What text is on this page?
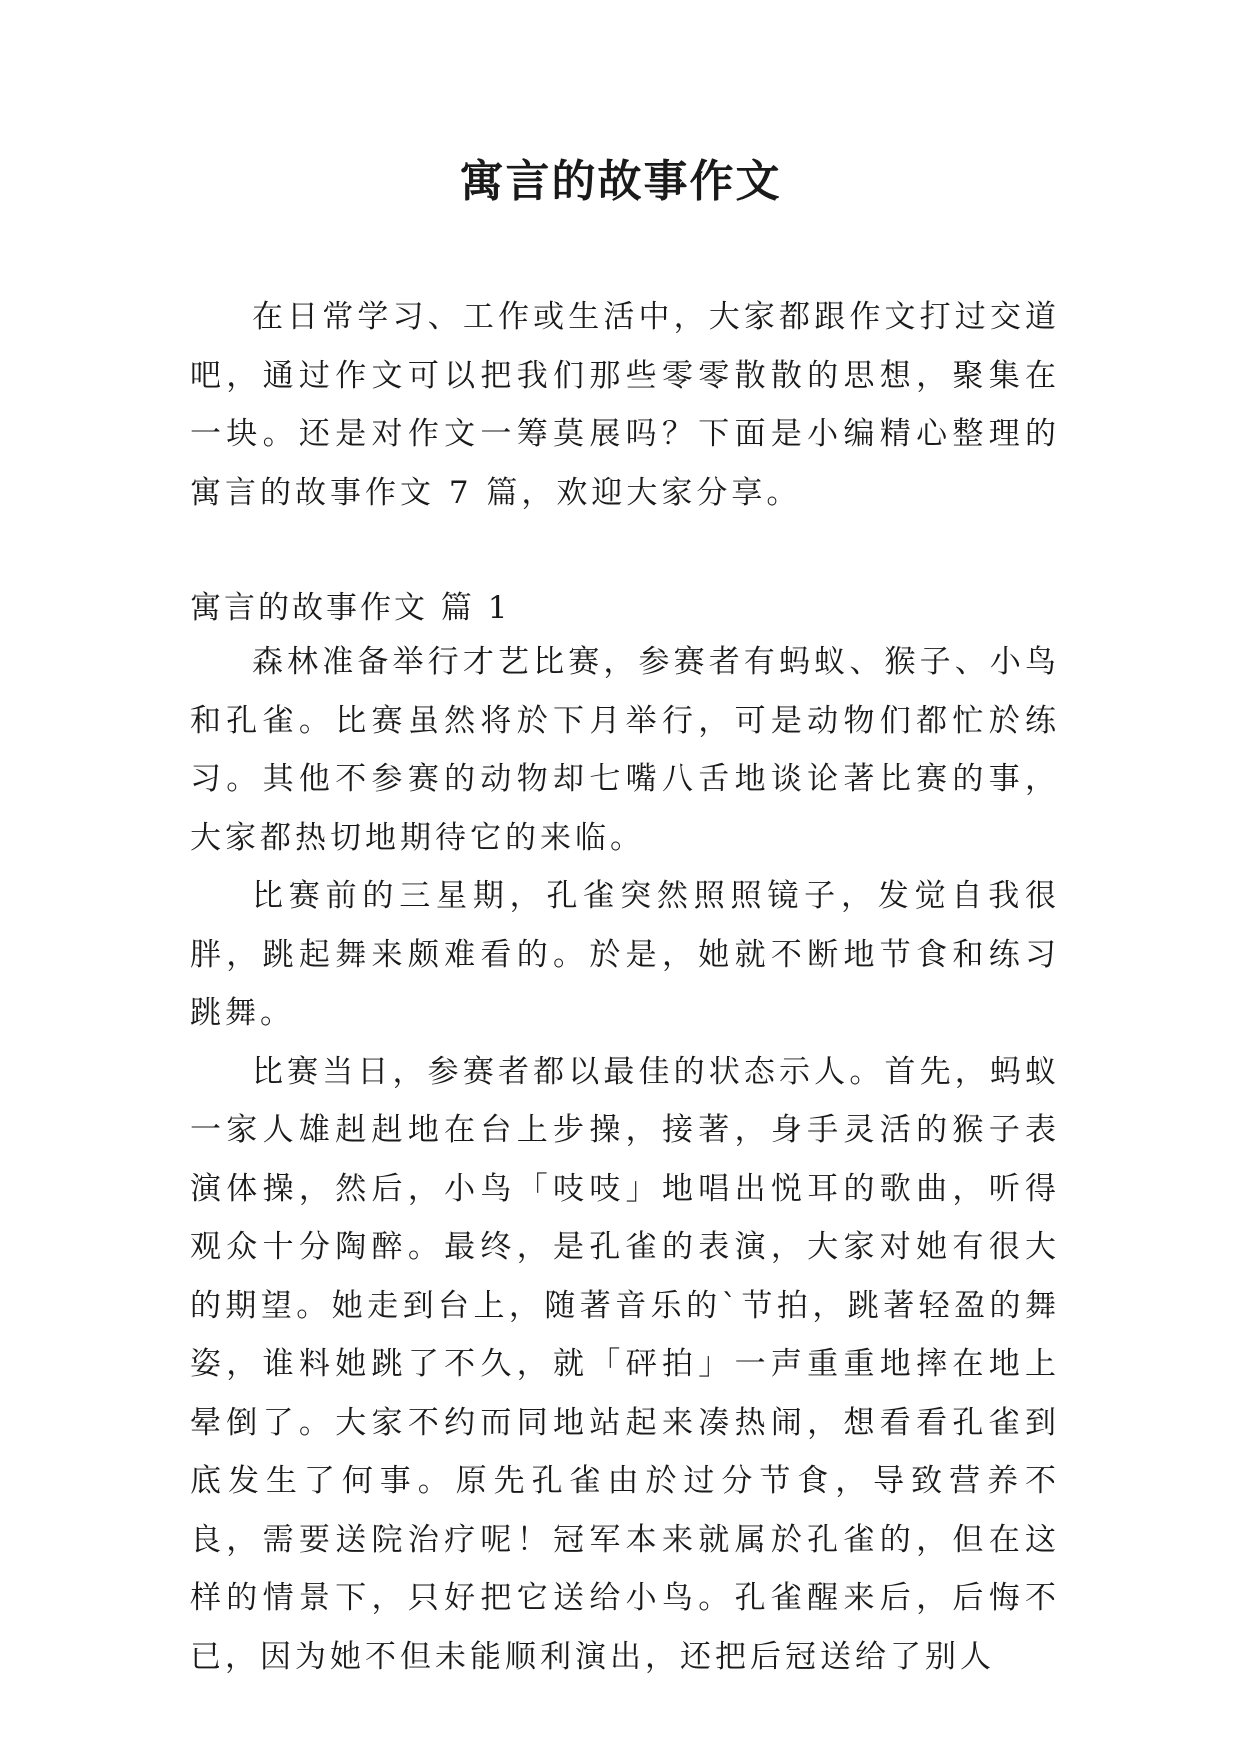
寓言的故事作文

在日常学习、工作或生活中，大家都跟作文打过交道吧，通过作文可以把我们那些零零散散的思想，聚集在一块。还是对作文一筹莫展吗？下面是小编精心整理的寓言的故事作文 7 篇，欢迎大家分享。

寓言的故事作文 篇 1

森林准备举行才艺比赛，参赛者有蚂蚁、猴子、小鸟和孔雀。比赛虽然将於下月举行，可是动物们都忙於练习。其他不参赛的动物却七嘴八舌地谈论著比赛的事，大家都热切地期待它的来临。

比赛前的三星期，孔雀突然照照镜子，发觉自我很胖，跳起舞来颇难看的。於是，她就不断地节食和练习跳舞。

比赛当日，参赛者都以最佳的状态示人。首先，蚂蚁一家人雄赳赳地在台上步操，接著，身手灵活的猴子表演体操，然后，小鸟「吱吱」地唱出悦耳的歌曲，听得观众十分陶醉。最终，是孔雀的表演，大家对她有很大的期望。她走到台上，随著音乐的`节拍，跳著轻盈的舞姿，谁料她跳了不久，就「砰拍」一声重重地摔在地上晕倒了。大家不约而同地站起来凑热闹，想看看孔雀到底发生了何事。原先孔雀由於过分节食，导致营养不良，需要送院治疗呢！冠军本来就属於孔雀的，但在这样的情景下，只好把它送给小鸟。孔雀醒来后，后悔不已，因为她不但未能顺利演出，还把后冠送给了别人
